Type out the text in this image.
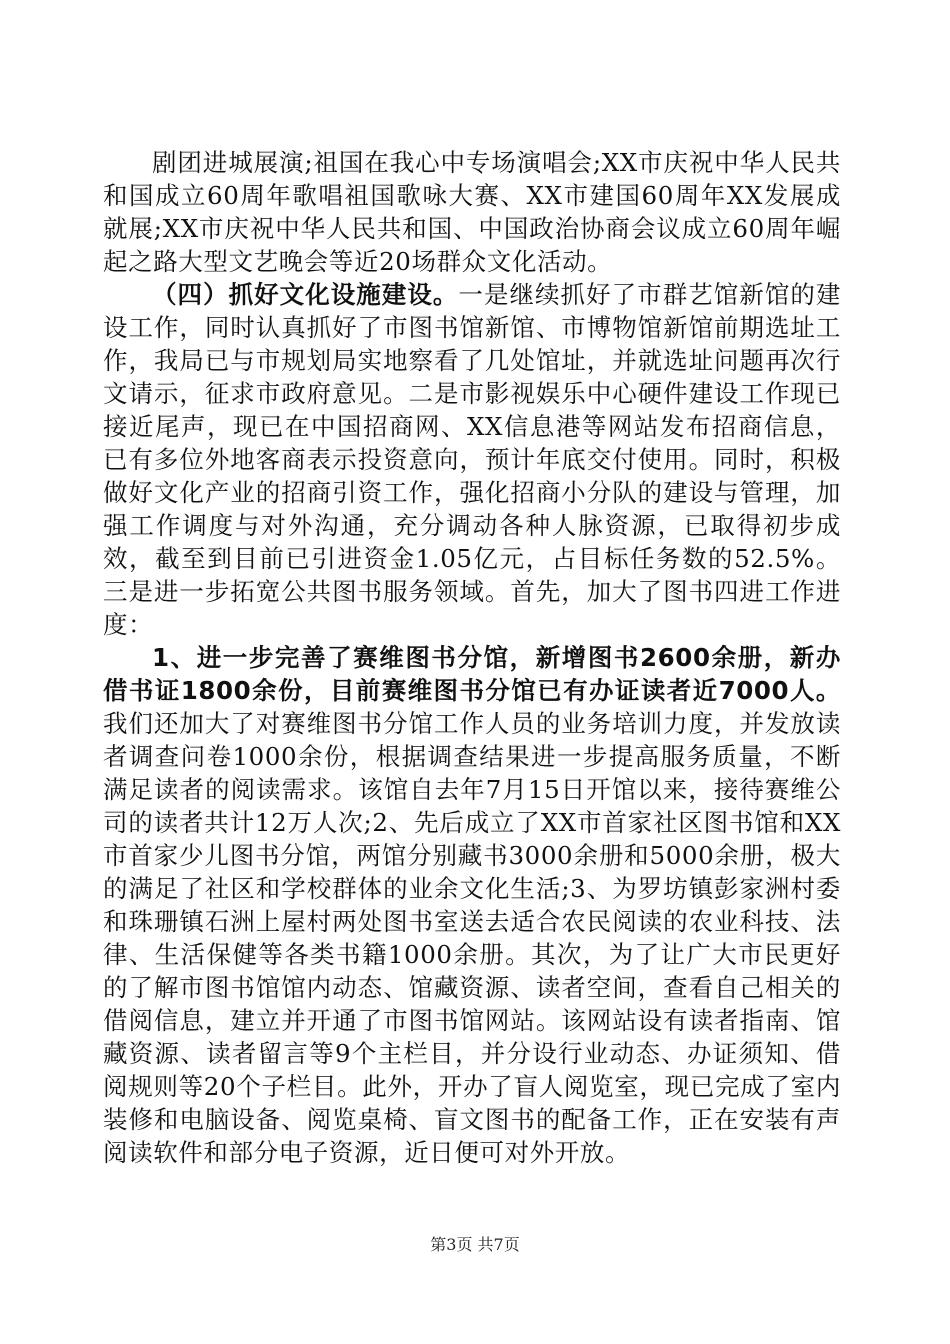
剧团进城展演;祖国在我心中专场演唱会;XX市庆祝中华人民共和国成立60周年歌唱祖国歌咏大赛、XX市建国60周年XX发展成就展;XX市庆祝中华人民共和国、中国政治协商会议成立60周年崛起之路大型文艺晚会等近20场群众文化活动。

（四）抓好文化设施建设。一是继续抓好了市群艺馆新馆的建设工作，同时认真抓好了市图书馆新馆、市博物馆新馆前期选址工作，我局已与市规划局实地察看了几处馆址，并就选址问题再次行文请示，征求市政府意见。二是市影视娱乐中心硬件建设工作现已接近尾声，现已在中国招商网、XX信息港等网站发布招商信息，已有多位外地客商表示投资意向，预计年底交付使用。同时，积极做好文化产业的招商引资工作，强化招商小分队的建设与管理，加强工作调度与对外沟通，充分调动各种人脉资源，已取得初步成效，截至到目前已引进资金1.05亿元，占目标任务数的52.5%。三是进一步拓宽公共图书服务领域。首先，加大了图书四进工作进度：

1、进一步完善了赛维图书分馆，新增图书2600余册，新办借书证1800余份，目前赛维图书分馆已有办证读者近7000人。我们还加大了对赛维图书分馆工作人员的业务培训力度，并发放读者调查问卷1000余份，根据调查结果进一步提高服务质量，不断满足读者的阅读需求。该馆自去年7月15日开馆以来，接待赛维公司的读者共计12万人次;2、先后成立了XX市首家社区图书馆和XX市首家少儿图书分馆，两馆分别藏书3000余册和5000余册，极大的满足了社区和学校群体的业余文化生活;3、为罗坊镇彭家洲村委和珠珊镇石洲上屋村两处图书室送去适合农民阅读的农业科技、法律、生活保健等各类书籍1000余册。其次，为了让广大市民更好的了解市图书馆馆内动态、馆藏资源、读者空间，查看自己相关的借阅信息，建立并开通了市图书馆网站。该网站设有读者指南、馆藏资源、读者留言等9个主栏目，并分设行业动态、办证须知、借阅规则等20个子栏目。此外，开办了盲人阅览室，现已完成了室内装修和电脑设备、阅览桌椅、盲文图书的配备工作，正在安装有声阅读软件和部分电子资源，近日便可对外开放。

第3页 共7页
